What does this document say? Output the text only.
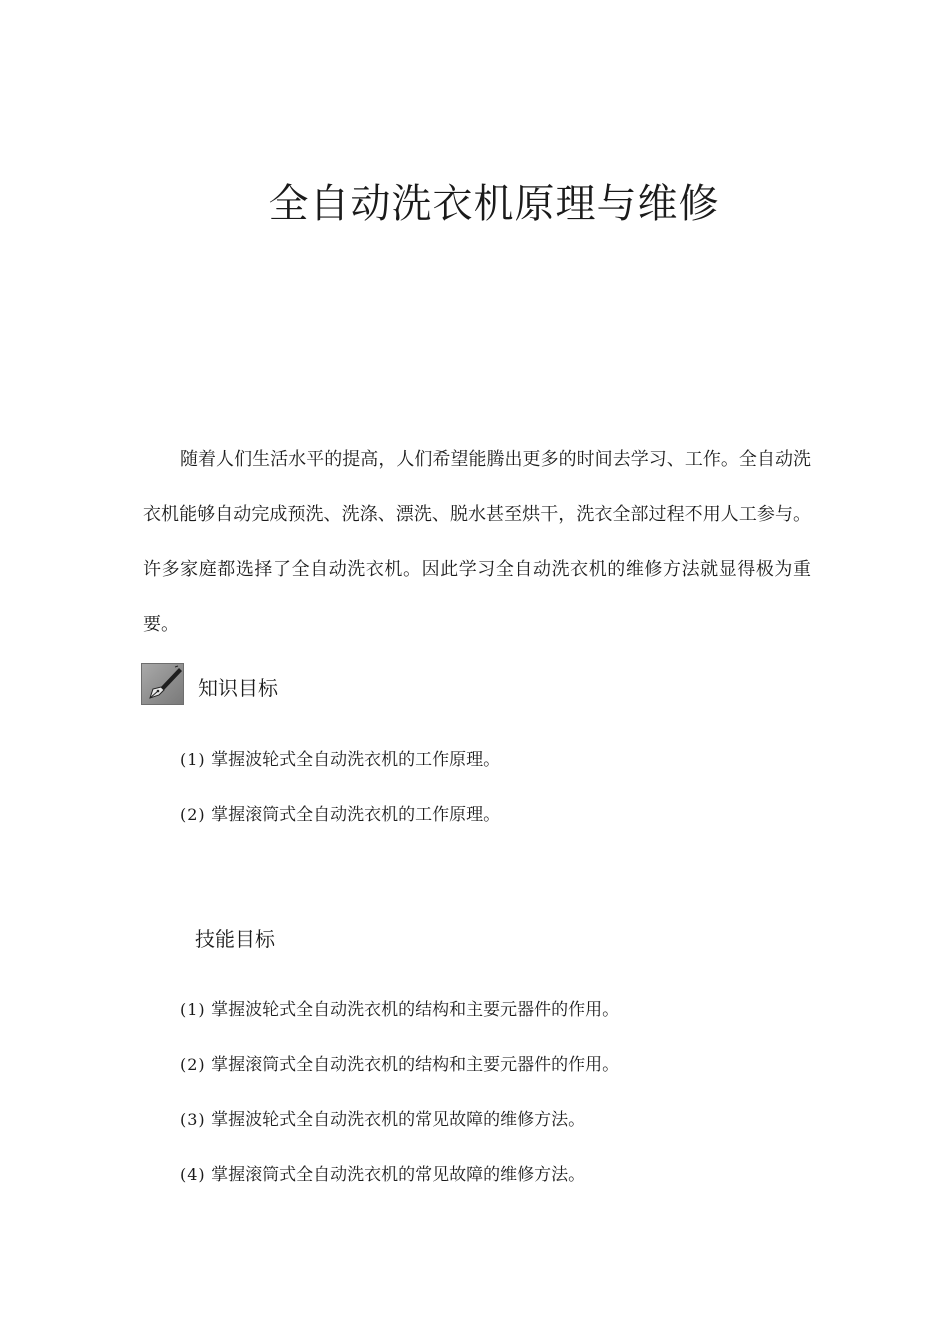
全自动洗衣机原理与维修

随着人们生活水平的提高，人们希望能腾出更多的时间去学习、工作。全自动洗衣机能够自动完成预洗、洗涤、漂洗、脱水甚至烘干，洗衣全部过程不用人工参与。许多家庭都选择了全自动洗衣机。因此学习全自动洗衣机的维修方法就显得极为重要。

知识目标

(1) 掌握波轮式全自动洗衣机的工作原理。

(2) 掌握滚筒式全自动洗衣机的工作原理。

技能目标

(1) 掌握波轮式全自动洗衣机的结构和主要元器件的作用。

(2) 掌握滚筒式全自动洗衣机的结构和主要元器件的作用。

(3) 掌握波轮式全自动洗衣机的常见故障的维修方法。

(4) 掌握滚筒式全自动洗衣机的常见故障的维修方法。
